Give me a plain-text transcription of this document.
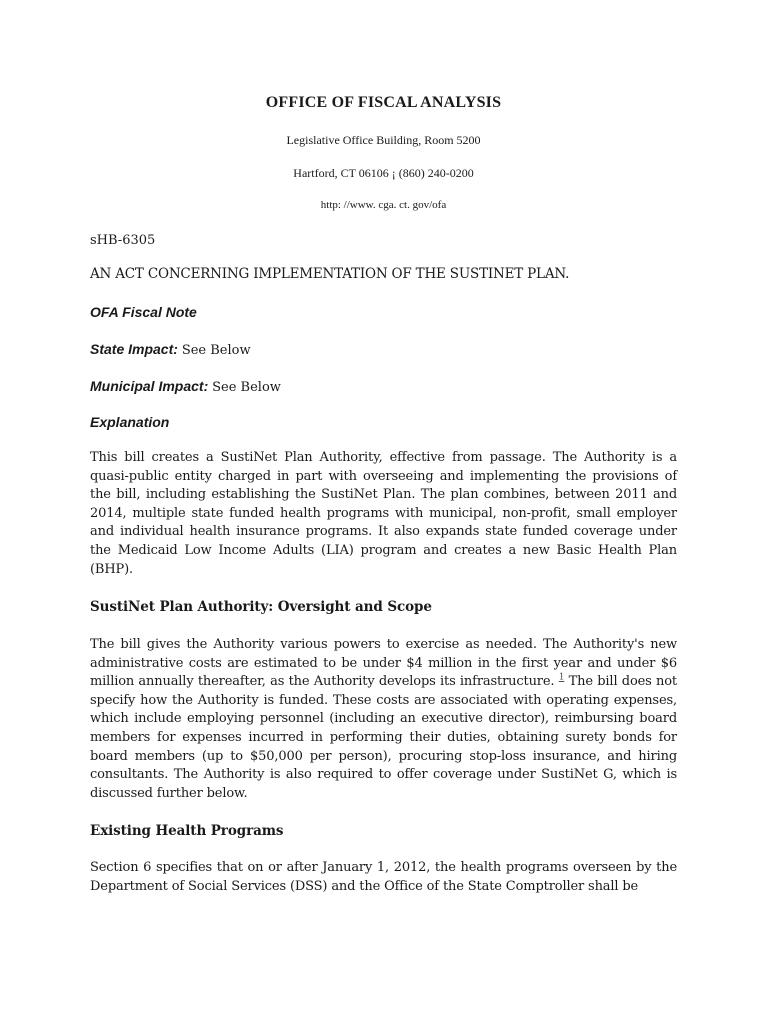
OFFICE OF FISCAL ANALYSIS
Legislative Office Building, Room 5200
Hartford, CT 06106 ¡ (860) 240-0200
http: //www. cga. ct. gov/ofa
sHB-6305
AN ACT CONCERNING IMPLEMENTATION OF THE SUSTINET PLAN.
OFA Fiscal Note
State Impact: See Below
Municipal Impact: See Below
Explanation
This bill creates a SustiNet Plan Authority, effective from passage. The Authority is a quasi-public entity charged in part with overseeing and implementing the provisions of the bill, including establishing the SustiNet Plan. The plan combines, between 2011 and 2014, multiple state funded health programs with municipal, non-profit, small employer and individual health insurance programs. It also expands state funded coverage under the Medicaid Low Income Adults (LIA) program and creates a new Basic Health Plan (BHP).
SustiNet Plan Authority: Oversight and Scope
The bill gives the Authority various powers to exercise as needed. The Authority's new administrative costs are estimated to be under $4 million in the first year and under $6 million annually thereafter, as the Authority develops its infrastructure. $^1$ The bill does not specify how the Authority is funded. These costs are associated with operating expenses, which include employing personnel (including an executive director), reimbursing board members for expenses incurred in performing their duties, obtaining surety bonds for board members (up to $50,000 per person), procuring stop-loss insurance, and hiring consultants. The Authority is also required to offer coverage under SustiNet G, which is discussed further below.
Existing Health Programs
Section 6 specifies that on or after January 1, 2012, the health programs overseen by the Department of Social Services (DSS) and the Office of the State Comptroller shall be
